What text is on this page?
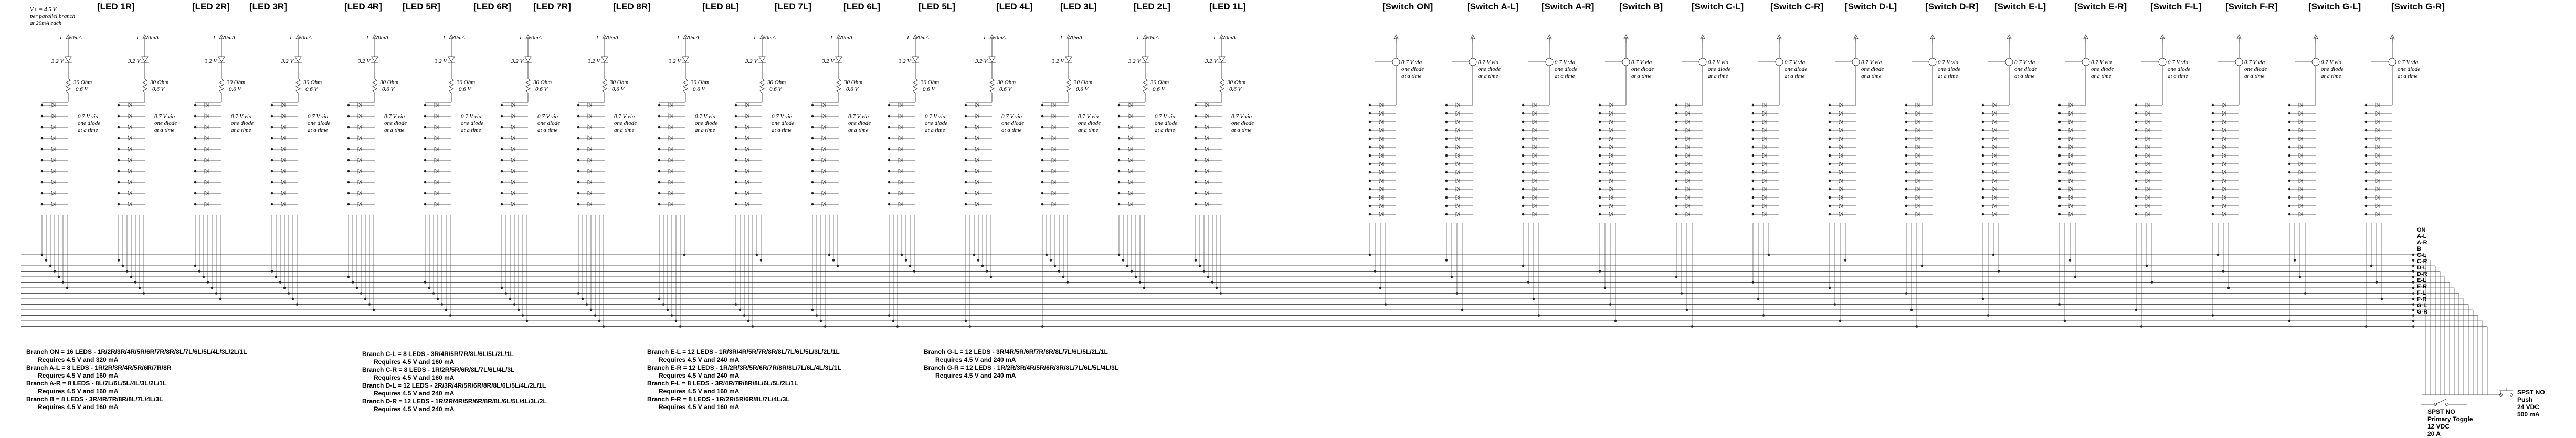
I = 20mA
3.2 V
30 Ohm
0.6 V
0.7 V via
one diode
at a time
I = 20mA
3.2 V
30 Ohm
0.6 V
0.7 V via
one diode
at a time
I = 20mA
3.2 V
30 Ohm
0.6 V
0.7 V via
one diode
at a time
I = 20mA
3.2 V
30 Ohm
0.6 V
0.7 V via
one diode
at a time
I = 20mA
3.2 V
30 Ohm
0.6 V
0.7 V via
one diode
at a time
I = 20mA
3.2 V
30 Ohm
0.6 V
0.7 V via
one diode
at a time
I = 20mA
3.2 V
30 Ohm
0.6 V
0.7 V via
one diode
at a time
I = 20mA
3.2 V
30 Ohm
0.6 V
0.7 V via
one diode
at a time
I = 20mA
3.2 V
30 Ohm
0.6 V
0.7 V via
one diode
at a time
I = 20mA
3.2 V
30 Ohm
0.6 V
0.7 V via
one diode
at a time
I = 20mA
3.2 V
30 Ohm
0.6 V
0.7 V via
one diode
at a time
I = 20mA
3.2 V
30 Ohm
0.6 V
0.7 V via
one diode
at a time
I = 20mA
3.2 V
30 Ohm
0.6 V
0.7 V via
one diode
at a time
I = 20mA
3.2 V
30 Ohm
0.6 V
0.7 V via
one diode
at a time
I = 20mA
3.2 V
30 Ohm
0.6 V
0.7 V via
one diode
at a time
I = 20mA
3.2 V
30 Ohm
0.6 V
0.7 V via
one diode
at a time
0.7 V via
one diode
at a time
0.7 V via
one diode
at a time
0.7 V via
one diode
at a time
0.7 V via
one diode
at a time
0.7 V via
one diode
at a time
0.7 V via
one diode
at a time
0.7 V via
one diode
at a time
0.7 V via
one diode
at a time
0.7 V via
one diode
at a time
0.7 V via
one diode
at a time
0.7 V via
one diode
at a time
0.7 V via
one diode
at a time
0.7 V via
one diode
at a time
0.7 V via
one diode
at a time
V+ = 4.5 V
per parallel branch
at 20mA each
[LED 1R]	[LED 2R] [LED 3R]	[LED 4R] [LED 5R]	[LED 6R] [LED 7R]	[LED 8R]	[LED 8L]	[LED 7L]	[LED 6L]	[LED 5L]	[LED 4L]	[LED 3L]	[LED 2L]	[LED 1L]	[Switch ON]	[Switch A-L]	[Switch A-R]	[Switch B]	[Switch C-L]	[Switch C-R] [Switch D-L]	[Switch D-R] [Switch E-L]	[Switch E-R]	[Switch F-L]	[Switch F-R]	[Switch G-L]	[Switch G-R]
ON
A-L
A-R
B
C-L
C-R
D-L
D-R
E-L
E-R
F-L
F-R
G-L
G-R
Branch ON = 16 LEDS - 1R/2R/3R/4R/5R/6R/7R/8R/8L/7L/6L/5L/4L/3L/2L/1L
Requires 4.5 V and 320 mA
Branch A-L = 8 LEDS - 1R/2R/3R/4R/5R/6R/7R/8R
Requires 4.5 V and 160 mA
Branch A-R = 8 LEDS - 8L/7L/6L/5L/4L/3L/2L/1L
Requires 4.5 V and 160 mA
Branch B = 8 LEDS - 3R/4R/7R/8R/8L/7L/4L/3L
Requires 4.5 V and 160 mA
Branch C-L = 8 LEDS - 3R/4R/5R/7R/8L/6L/5L/2L/1L
Requires 4.5 V and 160 mA
Branch C-R = 8 LEDS - 1R/2R/5R/6R/8L/7L/6L/4L/3L
Requires 4.5 V and 160 mA
Branch D-L = 12 LEDS - 2R/3R/4R/5R/6R/8R/8L/6L/5L/4L/2L/1L
Requires 4.5 V and 240 mA
Branch D-R = 12 LEDS - 1R/2R/4R/5R/6R/8R/8L/6L/5L/4L/3L/2L
Requires 4.5 V and 240 mA
Branch E-L = 12 LEDS - 1R/3R/4R/5R/7R/8R/8L/7L/6L/5L/3L/2L/1L
Requires 4.5 V and 240 mA
Branch E-R = 12 LEDS - 1R/2R/3R/5R/6R/7R/8R/8L/7L/6L/4L/3L/1L
Requires 4.5 V and 240 mA
Branch F-L = 8 LEDS - 3R/4R/7R/8R/8L/6L/5L/2L/1L
Requires 4.5 V and 160 mA
Branch F-R = 8 LEDS - 1R/2R/5R/6R/8L/7L/4L/3L
Requires 4.5 V and 160 mA
Branch G-L = 12 LEDS - 3R/4R/5R/6R/7R/8R/8L/7L/6L/5L/2L/1L
Requires 4.5 V and 240 mA
Branch G-R = 12 LEDS - 1R/2R/3R/4R/5R/6R/8R/8L/7L/6L/5L/4L/3L
Requires 4.5 V and 240 mA
SPST NO
Push
24 VDC
500 mA
SPST NO
Primary Toggle
12 VDC
20 A
